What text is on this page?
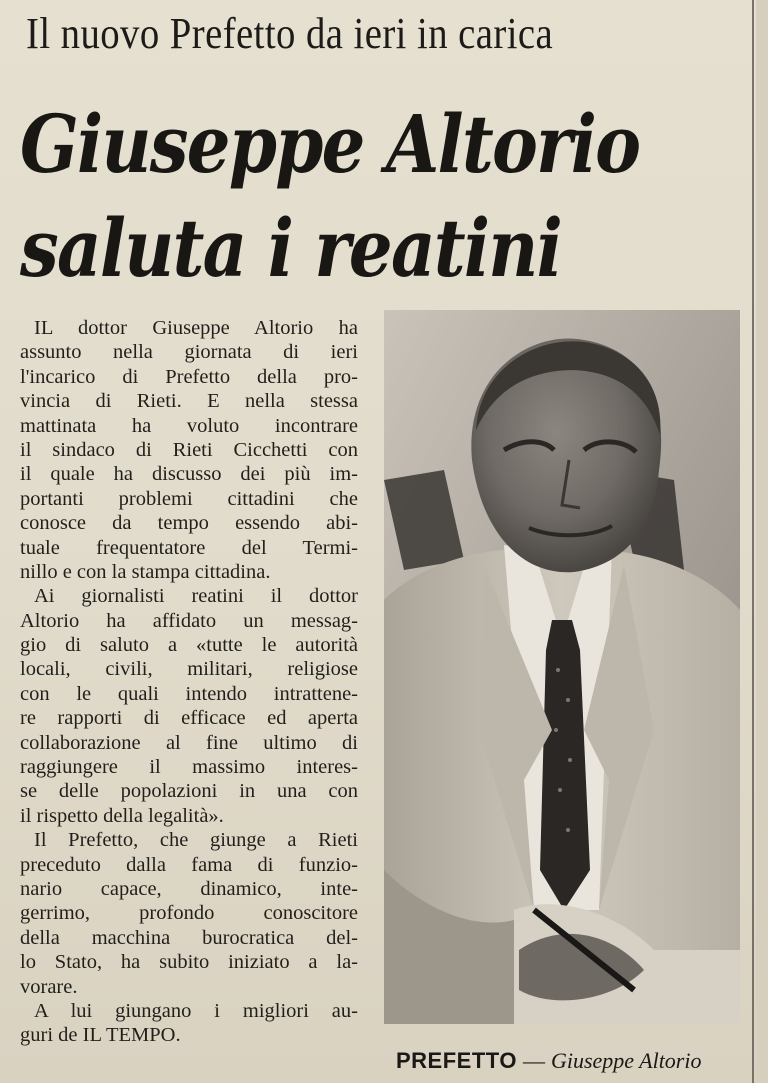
Il nuovo Prefetto da ieri in carica
Giuseppe Altorio
saluta i reatini
IL dottor Giuseppe Altorio ha
assunto nella giornata di ieri
l'incarico di Prefetto della pro-
vincia di Rieti. E nella stessa
mattinata ha voluto incontrare
il sindaco di Rieti Cicchetti con
il quale ha discusso dei più im-
portanti problemi cittadini che
conosce da tempo essendo abi-
tuale frequentatore del Termi-
nillo e con la stampa cittadina.
Ai giornalisti reatini il dottor
Altorio ha affidato un messag-
gio di saluto a «tutte le autorità
locali, civili, militari, religiose
con le quali intendo intrattene-
re rapporti di efficace ed aperta
collaborazione al fine ultimo di
raggiungere il massimo interes-
se delle popolazioni in una con
il rispetto della legalità».
Il Prefetto, che giunge a Rieti
preceduto dalla fama di funzio-
nario capace, dinamico, inte-
gerrimo, profondo conoscitore
della macchina burocratica del-
lo Stato, ha subito iniziato a la-
vorare.
A lui giungano i migliori au-
guri de IL TEMPO.
PREFETTO — Giuseppe Altorio
